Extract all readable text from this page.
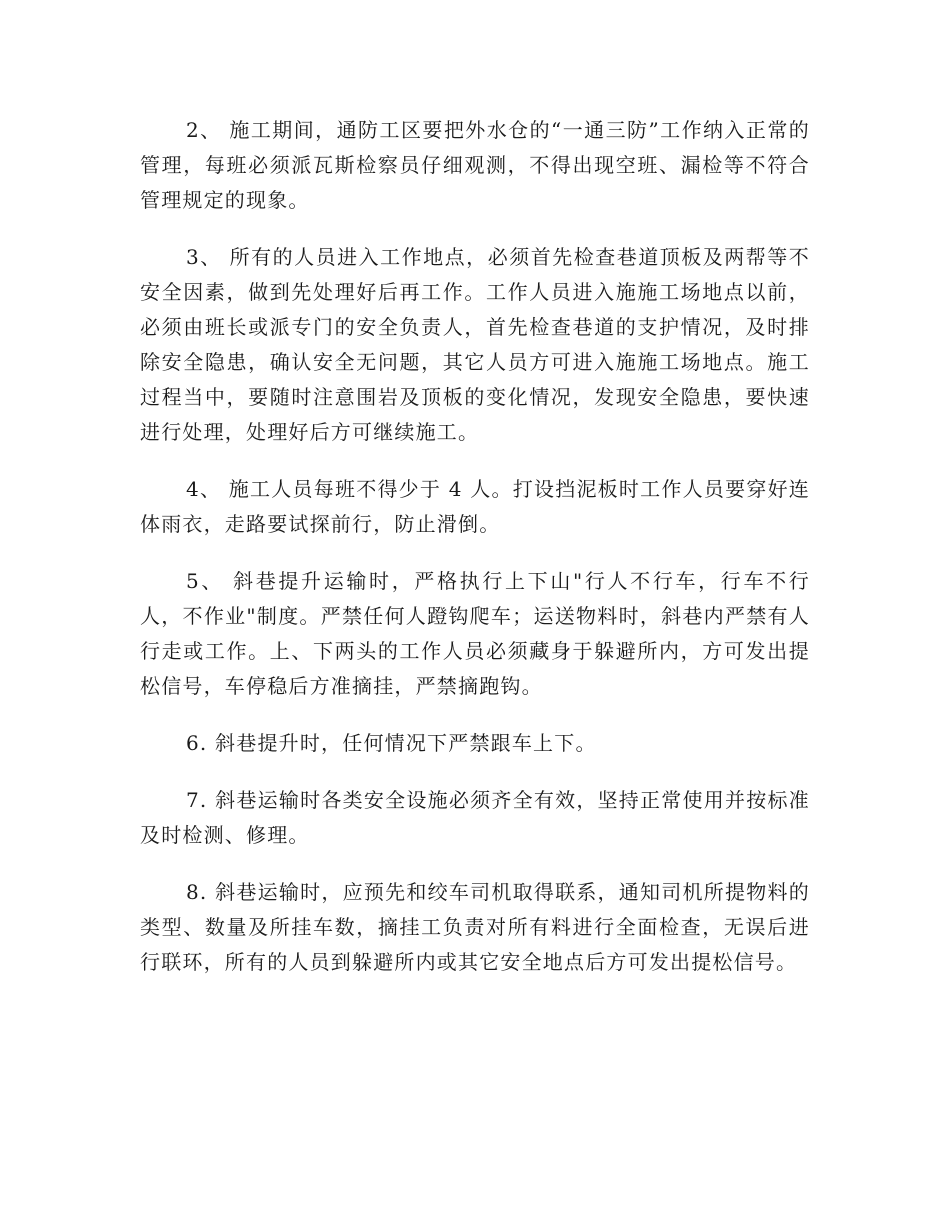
2、 施工期间，通防工区要把外水仓的“一通三防”工作纳入正常的管理，每班必须派瓦斯检察员仔细观测，不得出现空班、漏检等不符合管理规定的现象。

3、 所有的人员进入工作地点，必须首先检查巷道顶板及两帮等不安全因素，做到先处理好后再工作。工作人员进入施施工场地点以前，必须由班长或派专门的安全负责人，首先检查巷道的支护情况，及时排除安全隐患，确认安全无问题，其它人员方可进入施施工场地点。施工过程当中，要随时注意围岩及顶板的变化情况，发现安全隐患，要快速进行处理，处理好后方可继续施工。

4、 施工人员每班不得少于 4 人。打设挡泥板时工作人员要穿好连体雨衣，走路要试探前行，防止滑倒。

5、 斜巷提升运输时，严格执行上下山"行人不行车，行车不行人，不作业"制度。严禁任何人蹬钩爬车；运送物料时，斜巷内严禁有人行走或工作。上、下两头的工作人员必须藏身于躲避所内，方可发出提松信号，车停稳后方准摘挂，严禁摘跑钩。

6. 斜巷提升时，任何情况下严禁跟车上下。

7. 斜巷运输时各类安全设施必须齐全有效，坚持正常使用并按标准及时检测、修理。

8. 斜巷运输时，应预先和绞车司机取得联系，通知司机所提物料的类型、数量及所挂车数，摘挂工负责对所有料进行全面检查，无误后进行联环，所有的人员到躲避所内或其它安全地点后方可发出提松信号。
